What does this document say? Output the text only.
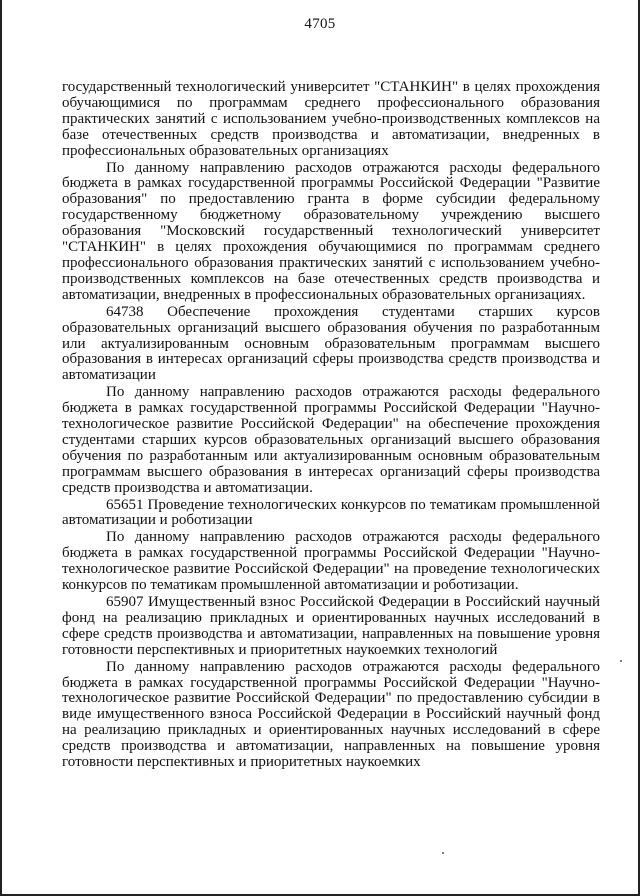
4705

государственный технологический университет "СТАНКИН" в целях прохождения обучающимися по программам среднего профессионального образования практических занятий с использованием учебно-производственных комплексов на базе отечественных средств производства и автоматизации, внедренных в профессиональных образовательных организациях

По данному направлению расходов отражаются расходы федерального бюджета в рамках государственной программы Российской Федерации "Развитие образования" по предоставлению гранта в форме субсидии федеральному государственному бюджетному образовательному учреждению высшего образования "Московский государственный технологический университет "СТАНКИН" в целях прохождения обучающимися по программам среднего профессионального образования практических занятий с использованием учебно-производственных комплексов на базе отечественных средств производства и автоматизации, внедренных в профессиональных образовательных организациях.

64738 Обеспечение прохождения студентами старших курсов образовательных организаций высшего образования обучения по разработанным или актуализированным основным образовательным программам высшего образования в интересах организаций сферы производства средств производства и автоматизации

По данному направлению расходов отражаются расходы федерального бюджета в рамках государственной программы Российской Федерации "Научно-технологическое развитие Российской Федерации" на обеспечение прохождения студентами старших курсов образовательных организаций высшего образования обучения по разработанным или актуализированным основным образовательным программам высшего образования в интересах организаций сферы производства средств производства и автоматизации.

65651 Проведение технологических конкурсов по тематикам промышленной автоматизации и роботизации

По данному направлению расходов отражаются расходы федерального бюджета в рамках государственной программы Российской Федерации "Научно-технологическое развитие Российской Федерации" на проведение технологических конкурсов по тематикам промышленной автоматизации и роботизации.

65907 Имущественный взнос Российской Федерации в Российский научный фонд на реализацию прикладных и ориентированных научных исследований в сфере средств производства и автоматизации, направленных на повышение уровня готовности перспективных и приоритетных наукоемких технологий

По данному направлению расходов отражаются расходы федерального бюджета в рамках государственной программы Российской Федерации "Научно-технологическое развитие Российской Федерации" по предоставлению субсидии в виде имущественного взноса Российской Федерации в Российский научный фонд на реализацию прикладных и ориентированных научных исследований в сфере средств производства и автоматизации, направленных на повышение уровня готовности перспективных и приоритетных наукоемких
